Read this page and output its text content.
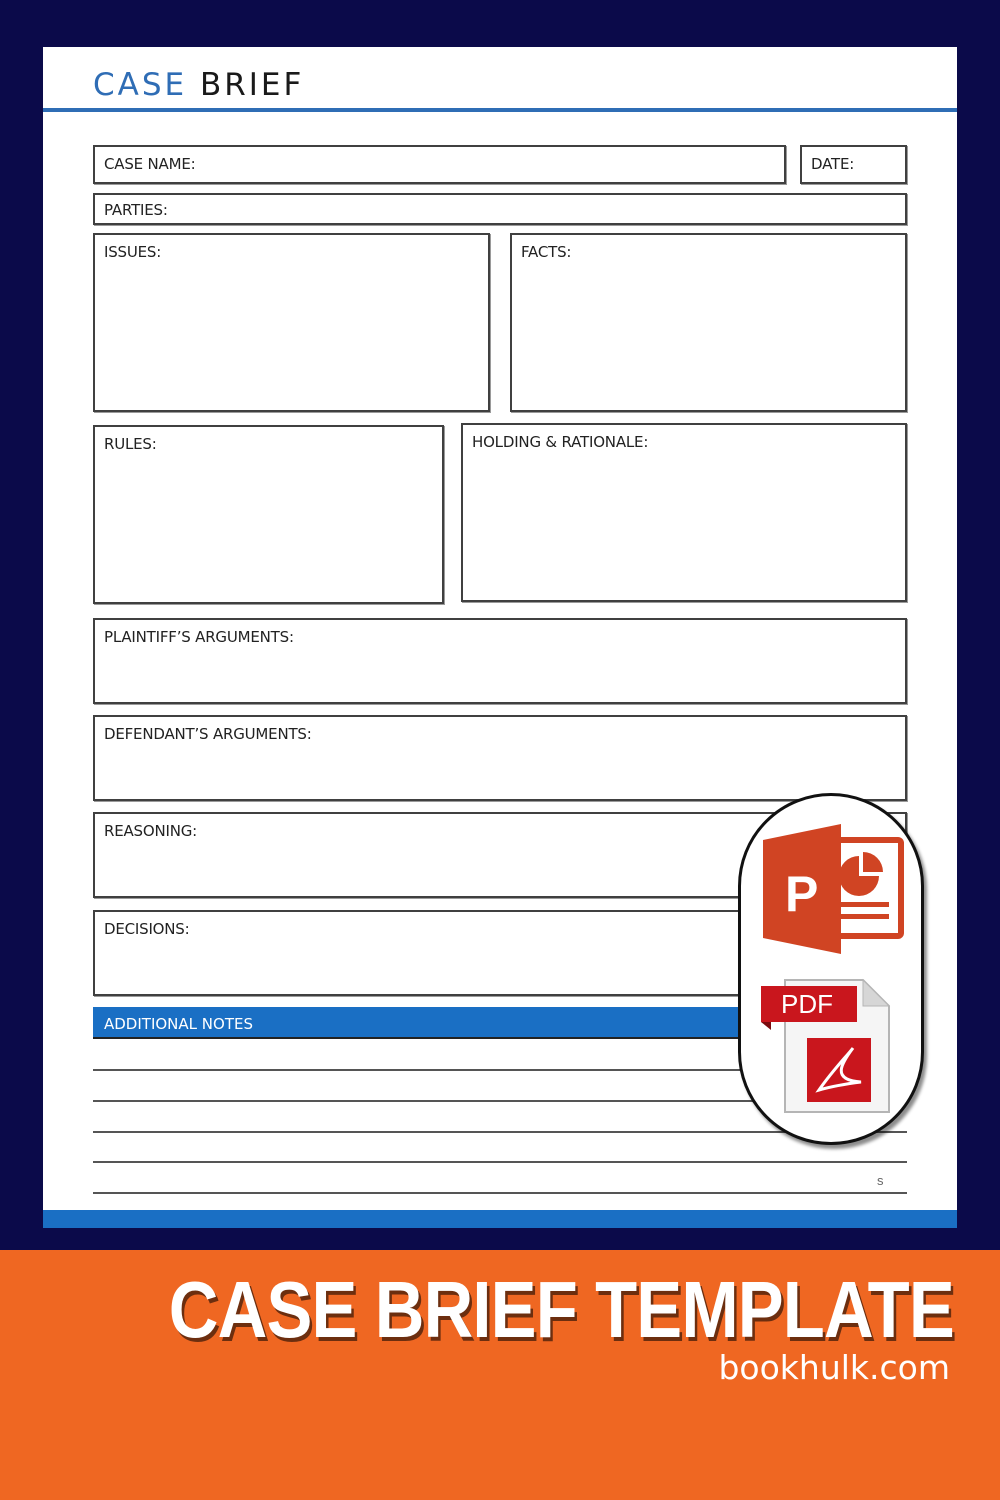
CASE BRIEF
CASE NAME:	DATE:
PARTIES:
ISSUES:	FACTS:
RULES:	HOLDING & RATIONALE:
PLAINTIFF’S ARGUMENTS:
DEFENDANT’S ARGUMENTS:
REASONING:
DECISIONS:
ADDITIONAL NOTES
s
P
PDF
CASE BRIEF TEMPLATE
bookhulk.com
